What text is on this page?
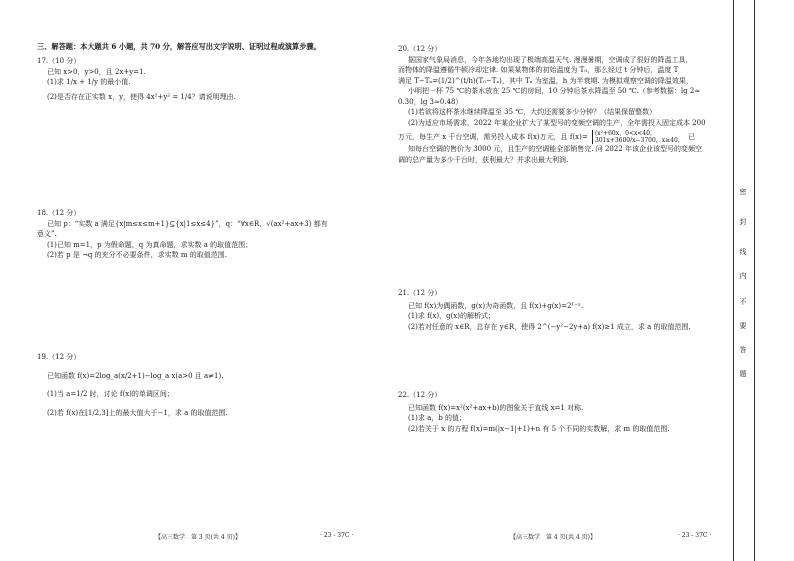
三、解答题：本大题共 6 小题，共 70 分，解答应写出文字说明、证明过程或演算步骤。

17.（10 分）

已知 x>0，y>0，且 2x+y=1.

(1)求 1/x + 1/y 的最小值.

(2)是否存在正实数 x，y，使得 4x²+y² = 1/4？请说明理由.

18.（12 分）

已知 p：“实数 a 满足{x|m≤x≤m+1}⊆{x|1≤x≤4}”，q：“∀x∈R，√(ax²+ax+3) 都有

意义”.

(1)已知 m=1，p 为假命题，q 为真命题，求实数 a 的取值范围；

(2)若 p 是 ¬q 的充分不必要条件，求实数 m 的取值范围.

19.（12 分）

已知函数 f(x)=2log_a(x/2+1)−log_a x(a>0 且 a≠1).

(1)当 a=1/2 时，讨论 f(x)的单调区间；

(2)若 f(x)在[1/2,3]上的最大值大于−1，求 a 的取值范围.

【高三数学　第 3 页(共 4 页)】	· 23 - 37C ·

20.（12 分）

据国家气象局消息，今年各地均出现了极端高温天气. 漫漫暑期，空调成了很好的降温工具，

而物体的降温遵循牛顿冷却定律. 如果某物体的初始温度为 T₀，那么经过 t 分钟后，温度 T

满足 T−Tₐ=(1/2)^(t/h)(T₀−Tₐ)，其中 Tₐ 为室温，h 为半衰期. 为模拟观察空调的降温效果，

小明把一杯 75 ℃的茶水放在 25 ℃的房间，10 分钟后茶水降温至 50 ℃.（参考数据：lg 2≈

0.30，lg 3≈0.48）

(1)若欲将这杯茶水继续降温至 35 ℃，大约还需要多少分钟？（结果保留整数）

(2)为适应市场需求，2022 年某企业扩大了某型号的变频空调的生产，全年需投入固定成本 200

万元，每生产 x 千台空调，需另投入成本 f(x)万元，且 f(x)= (x²+60x，0<x<40，
301x+3600/x−3700，x≥40， 已

知每台空调的售价为 3000 元，且生产的空调能全部销售完. 问 2022 年该企业该型号的变频空

调的总产量为多少千台时，获利最大？并求出最大利润.

21.（12 分）

已知 f(x)为偶函数，g(x)为奇函数，且 f(x)+g(x)=2¹⁻ˣ.

(1)求 f(x)，g(x)的解析式；

(2)若对任意的 x∈R，总存在 y∈R，使得 2^(−y²−2y+a) f(x)≥1 成立，求 a 的取值范围.

22.（12 分）

已知函数 f(x)=x²(x²+ax+b)的图象关于直线 x=1 对称.

(1)求 a，b 的值；

(2)若关于 x 的方程 f(x)=m(|x−1|+1)+n 有 5 个不同的实数解，求 m 的取值范围.

【高三数学　第 4 页(共 4 页)】	· 23 - 37C ·
密
封
线
内
不
要
答
题
